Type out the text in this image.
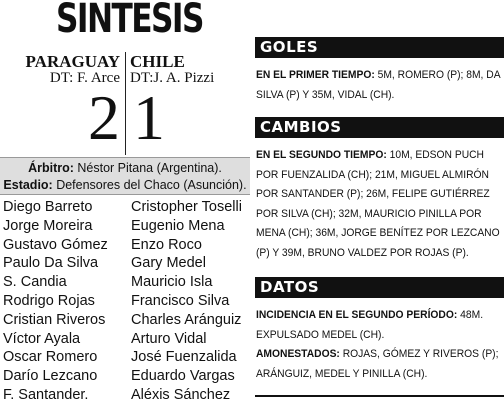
SINTESIS
PARAGUAY CHILE
DT: F. Arce DT:J. A. Pizzi
2 1
Árbitro: Néstor Pitana (Argentina).
Estadio: Defensores del Chaco (Asunción).
Diego Barreto
Jorge Moreira
Gustavo Gómez
Paulo Da Silva
S. Candia
Rodrigo Rojas
Cristian Riveros
Víctor Ayala
Oscar Romero
Darío Lezcano
F. Santander.
Cristopher Toselli
Eugenio Mena
Enzo Roco
Gary Medel
Mauricio Isla
Francisco Silva
Charles Aránguiz
Arturo Vidal
José Fuenzalida
Eduardo Vargas
Aléxis Sánchez
GOLES
EN EL PRIMER TIEMPO: 5M, ROMERO (P); 8M, DA SILVA (P) Y 35M, VIDAL (CH).
CAMBIOS
EN EL SEGUNDO TIEMPO: 10M, EDSON PUCH POR FUENZALIDA (CH); 21M, MIGUEL ALMIRÓN POR SANTANDER (P); 26M, FELIPE GUTIÉRREZ POR SILVA (CH); 32M, MAURICIO PINILLA POR MENA (CH); 36M, JORGE BENÍTEZ POR LEZCANO (P) Y 39M, BRUNO VALDEZ POR ROJAS (P).
DATOS
INCIDENCIA EN EL SEGUNDO PERÍODO: 48M. EXPULSADO MEDEL (CH).
AMONESTADOS: ROJAS, GÓMEZ Y RIVEROS (P); ARÁNGUIZ, MEDEL Y PINILLA (CH).
